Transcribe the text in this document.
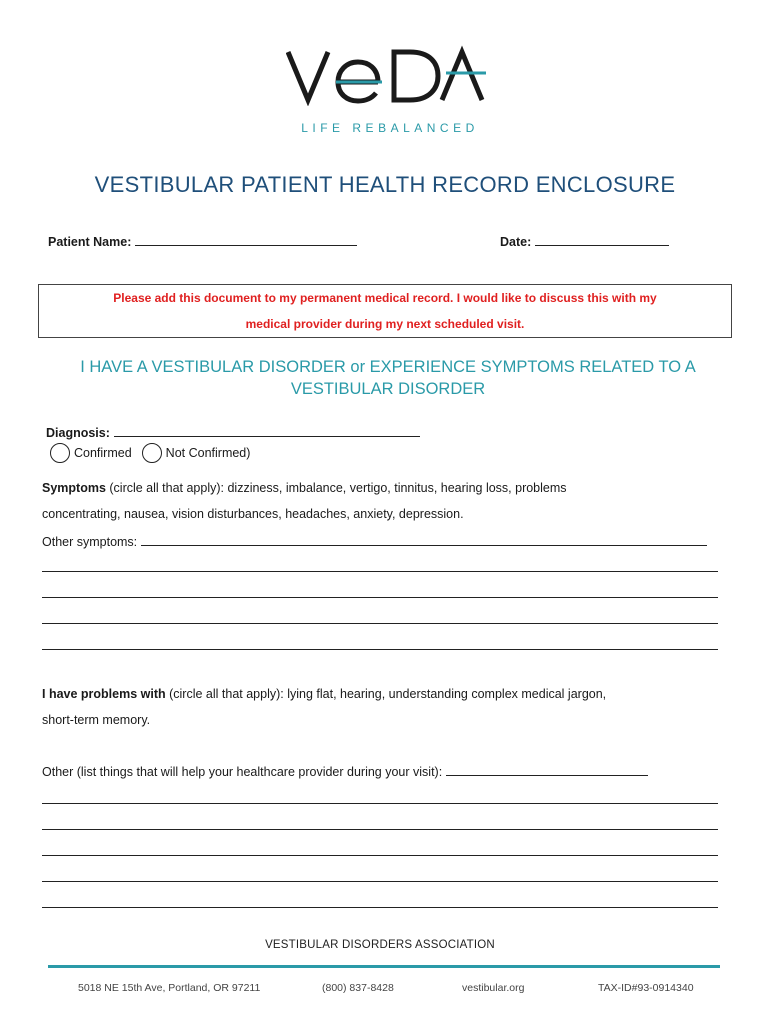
LIFE REBALANCED
VESTIBULAR PATIENT HEALTH RECORD ENCLOSURE
Patient Name:	Date:
Please add this document to my permanent medical record. I would like to discuss this with my
medical provider during my next scheduled visit.
I HAVE A VESTIBULAR DISORDER or EXPERIENCE SYMPTOMS RELATED TO A VESTIBULAR DISORDER
Diagnosis:
Confirmed	Not Confirmed)
Symptoms (circle all that apply): dizziness, imbalance, vertigo, tinnitus, hearing loss, problems
concentrating, nausea, vision disturbances, headaches, anxiety, depression.
Other symptoms:
I have problems with (circle all that apply): lying flat, hearing, understanding complex medical jargon,
short-term memory.
Other (list things that will help your healthcare provider during your visit):
VESTIBULAR DISORDERS ASSOCIATION
5018 NE 15th Ave, Portland, OR 97211	(800) 837-8428	vestibular.org	TAX-ID#93-0914340
